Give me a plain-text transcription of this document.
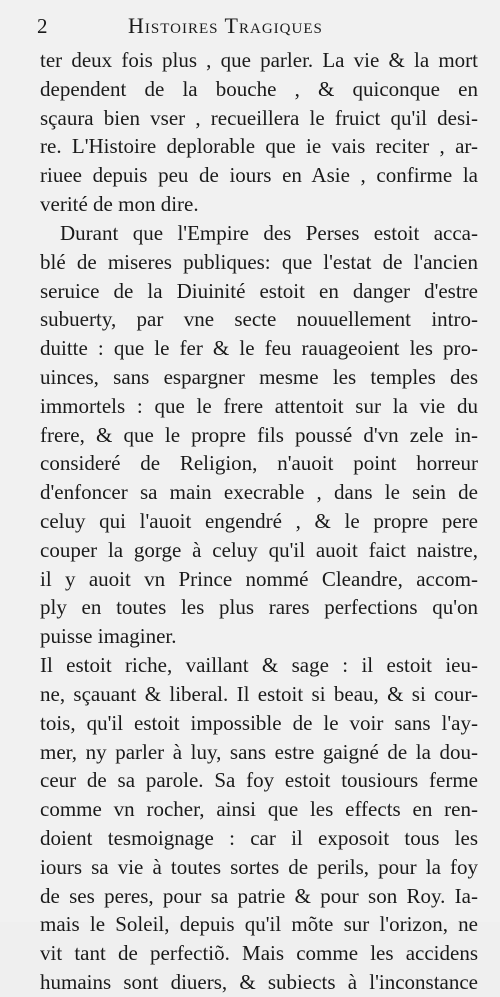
2	Histoires Tragiques
ter deux fois plus , que parler. La vie & la mort
dependent de la bouche , & quiconque en
sçaura bien vser , recueillera le fruict qu'il desi-
re. L'Histoire deplorable que ie vais reciter , ar-
riuee depuis peu de iours en Asie , confirme la
verité de mon dire.
Durant que l'Empire des Perses estoit acca-
blé de miseres publiques: que l'estat de l'ancien
seruice de la Diuinité estoit en danger d'estre
subuerty, par vne secte nouuellement intro-
duitte : que le fer & le feu rauageoient les pro-
uinces, sans espargner mesme les temples des
immortels : que le frere attentoit sur la vie du
frere, & que le propre fils poussé d'vn zele in-
consideré de Religion, n'auoit point horreur
d'enfoncer sa main execrable , dans le sein de
celuy qui l'auoit engendré , & le propre pere
couper la gorge à celuy qu'il auoit faict naistre,
il y auoit vn Prince nommé Cleandre, accom-
ply en toutes les plus rares perfections qu'on
puisse imaginer.
Il estoit riche, vaillant & sage : il estoit ieu-
ne, sçauant & liberal. Il estoit si beau, & si cour-
tois, qu'il estoit impossible de le voir sans l'ay-
mer, ny parler à luy, sans estre gaigné de la dou-
ceur de sa parole. Sa foy estoit tousiours ferme
comme vn rocher, ainsi que les effects en ren-
doient tesmoignage : car il exposoit tous les
iours sa vie à toutes sortes de perils, pour la foy
de ses peres, pour sa patrie & pour son Roy. Ia-
mais le Soleil, depuis qu'il mõte sur l'orizon, ne
vit tant de perfectiõ. Mais comme les accidens
humains sont diuers, & subiects à l'inconstance
